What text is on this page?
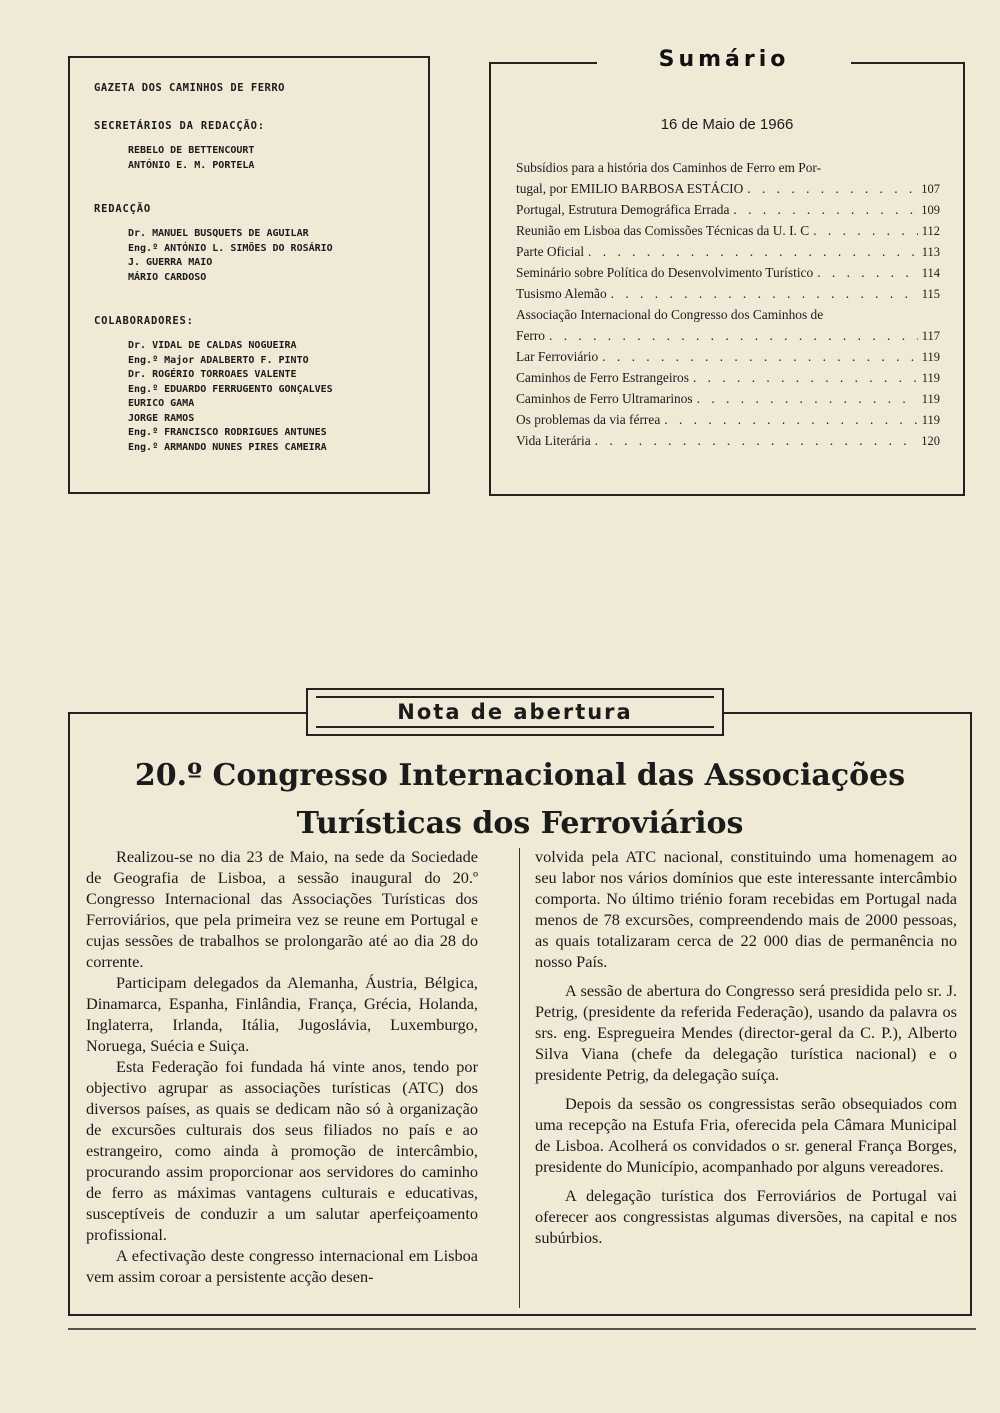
GAZETA DOS CAMINHOS DE FERRO
SECRETÁRIOS DA REDACÇÃO:
REBELO DE BETTENCOURT
ANTÓNIO E. M. PORTELA
REDACÇÃO
Dr. MANUEL BUSQUETS DE AGUILAR
Eng.º ANTÓNIO L. SIMÕES DO ROSÁRIO
J. GUERRA MAIO
MÁRIO CARDOSO
COLABORADORES:
Dr. VIDAL DE CALDAS NOGUEIRA
Eng.º Major ADALBERTO F. PINTO
Dr. ROGÉRIO TORROAES VALENTE
Eng.º EDUARDO FERRUGENTO GONÇALVES
EURICO GAMA
JORGE RAMOS
Eng.º FRANCISCO RODRIGUES ANTUNES
Eng.º ARMANDO NUNES PIRES CAMEIRA
Sumário
16 de Maio de 1966
Subsídios para a história dos Caminhos de Ferro em Por-
tugal, por EMILIO BARBOSA ESTÁCIO . . .	107
Portugal, Estrutura Demográfica Errada . . .	109
Reunião em Lisboa das Comissões Técnicas da U. I. C . . .	112
Parte Oficial . . .	113
Seminário sobre Política do Desenvolvimento Turístico . . .	114
Tusismo Alemão . . .	115
Associação Internacional do Congresso dos Caminhos de
Ferro . . .	117
Lar Ferroviário . . .	119
Caminhos de Ferro Estrangeiros . . .	119
Caminhos de Ferro Ultramarinos . . .	119
Os problemas da via férrea . . .	119
Vida Literária . . .	120
Nota de abertura
20.º Congresso Internacional das Associações
Turísticas dos Ferroviários

Realizou-se no dia 23 de Maio, na sede da Sociedade de Geografia de Lisboa, a sessão inaugural do 20.º Congresso Internacional das Associações Turísticas dos Ferroviários, que pela primeira vez se reune em Portugal e cujas sessões de trabalhos se prolongarão até ao dia 28 do corrente.

Participam delegados da Alemanha, Áustria, Bélgica, Dinamarca, Espanha, Finlândia, França, Grécia, Holanda, Inglaterra, Irlanda, Itália, Jugoslávia, Luxemburgo, Noruega, Suécia e Suiça.

Esta Federação foi fundada há vinte anos, tendo por objectivo agrupar as associações turísticas (ATC) dos diversos países, as quais se dedicam não só à organização de excursões culturais dos seus filiados no país e ao estrangeiro, como ainda à promoção de intercâmbio, procurando assim proporcionar aos servidores do caminho de ferro as máximas vantagens culturais e educativas, susceptíveis de conduzir a um salutar aperfeiçoamento profissional.

A efectivação deste congresso internacional em Lisboa vem assim coroar a persistente acção desen-

volvida pela ATC nacional, constituindo uma homenagem ao seu labor nos vários domínios que este interessante intercâmbio comporta. No último triénio foram recebidas em Portugal nada menos de 78 excursões, compreendendo mais de 2000 pessoas, as quais totalizaram cerca de 22 000 dias de permanência no nosso País.

A sessão de abertura do Congresso será presidida pelo sr. J. Petrig, (presidente da referida Federação), usando da palavra os srs. eng. Espregueira Mendes (director-geral da C. P.), Alberto Silva Viana (chefe da delegação turística nacional) e o presidente Petrig, da delegação suíça.

Depois da sessão os congressistas serão obsequiados com uma recepção na Estufa Fria, oferecida pela Câmara Municipal de Lisboa. Acolherá os convidados o sr. general França Borges, presidente do Município, acompanhado por alguns vereadores.

A delegação turística dos Ferroviários de Portugal vai oferecer aos congressistas algumas diversões, na capital e nos subúrbios.
